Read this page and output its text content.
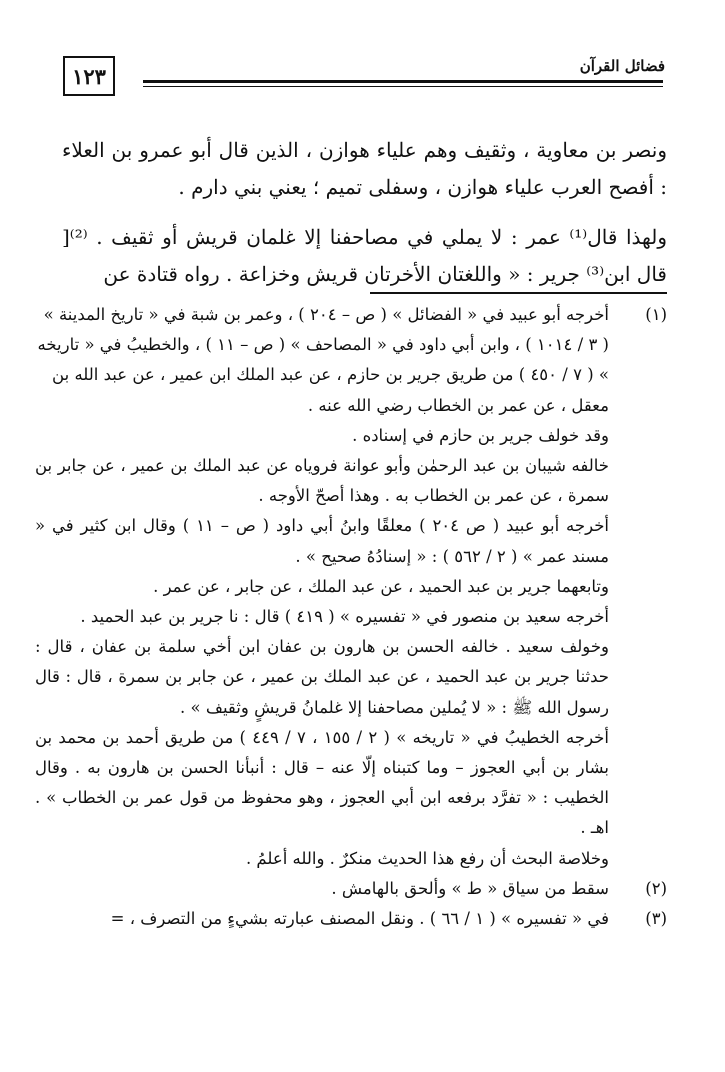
١٢٣	فضائل القرآن

ونصر بن معاوية ، وثقيف وهم علياء هوازن ، الذين قال أبو عمرو بن العلاء : أفصح العرب علياء هوازن ، وسفلى تميم ؛ يعني بني دارم .

ولهذا قال⁽¹⁾ عمر : لا يملي في مصاحفنا إلا غلمان قريش أو ثقيف . ⁽²⁾[ قال ابن⁽³⁾ جرير : « واللغتان الأخرتان قريش وخزاعة . رواه قتادة عن

(١)
أخرجه أبو عبيد في « الفضائل » ( ص – ٢٠٤ ) ، وعمر بن شبة في « تاريخ المدينة » ( ٣ / ١٠١٤ ) ، وابن أبي داود في « المصاحف » ( ص – ١١ ) ، والخطيبُ في « تاريخه » ( ٧ / ٤٥٠ ) من طريق جرير بن حازم ، عن عبد الملك ابن عمير ، عن عبد الله بن معقل ، عن عمر بن الخطاب رضي الله عنه .

وقد خولف جرير بن حازم في إسناده .

خالفه شيبان بن عبد الرحمٰن وأبو عوانة فروياه عن عبد الملك بن عمير ، عن جابر بن سمرة ، عن عمر بن الخطاب به . وهذا أصحّ الأوجه .

أخرجه أبو عبيد ( ص ٢٠٤ ) معلقًا وابنُ أبي داود ( ص – ١١ ) وقال ابن كثير في « مسند عمر » ( ٢ / ٥٦٢ ) : « إسنادُهُ صحيح » .

وتابعهما جرير بن عبد الحميد ، عن عبد الملك ، عن جابر ، عن عمر .

أخرجه سعيد بن منصور في « تفسيره » ( ٤١٩ ) قال : نا جرير بن عبد الحميد .

وخولف سعيد . خالفه الحسن بن هارون بن عفان ابن أخي سلمة بن عفان ، قال : حدثنا جرير بن عبد الحميد ، عن عبد الملك بن عمير ، عن جابر بن سمرة ، قال : قال رسول الله ﷺ : « لا يُملين مصاحفنا إلا غلمانُ قريشٍ وثقيف » .

أخرجه الخطيبُ في « تاريخه » ( ٢ / ١٥٥ ، ٧ / ٤٤٩ ) من طريق أحمد بن محمد بن بشار بن أبي العجوز – وما كتبناه إلّا عنه – قال : أنبأنا الحسن بن هارون به . وقال الخطيب : « تفرَّد برفعه ابن أبي العجوز ، وهو محفوظ من قول عمر بن الخطاب » . اهـ .

وخلاصة البحث أن رفع هذا الحديث منكرٌ . والله أعلمُ .

(٢)
سقط من سياق « ط » وألحق بالهامش .

(٣)
في « تفسيره » ( ١ / ٦٦ ) . ونقل المصنف عبارته بشيءٍ من التصرف ، =
